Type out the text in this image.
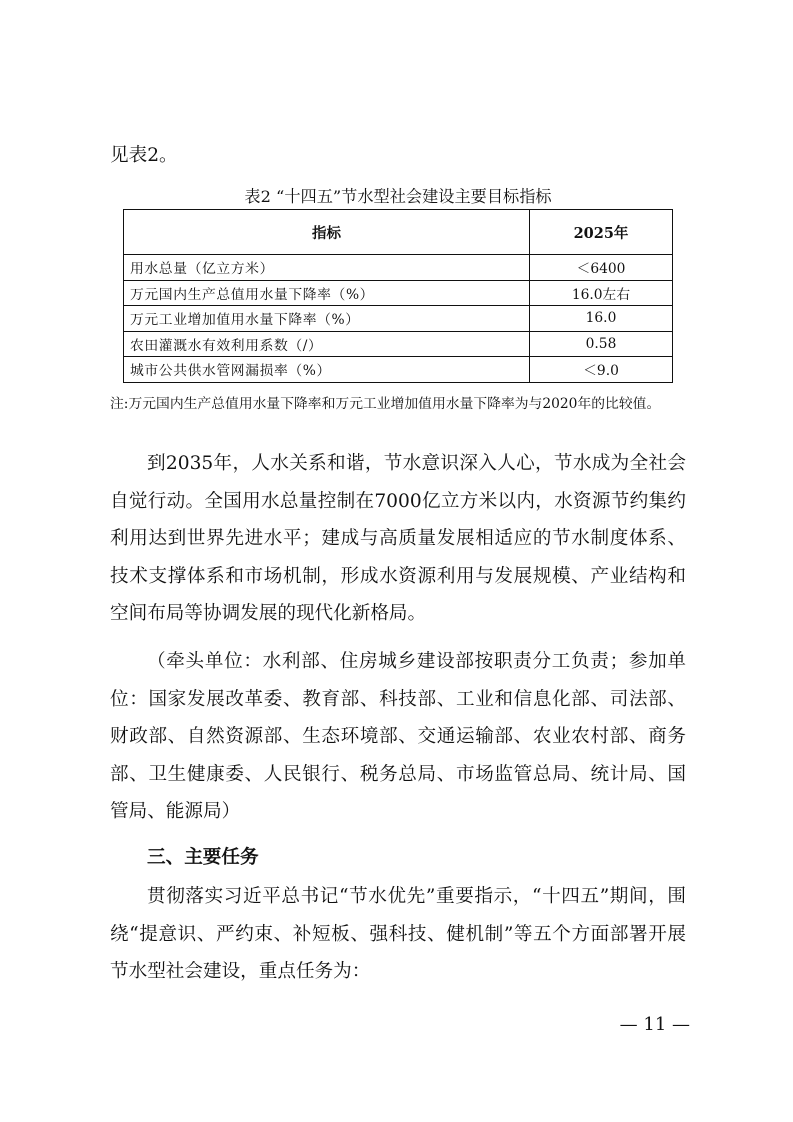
见表2。

表2 “十四五”节水型社会建设主要目标指标
指标	2025年
用水总量（亿立方米）	＜6400
万元国内生产总值用水量下降率（%）	16.0左右
万元工业增加值用水量下降率（%）	16.0
农田灌溉水有效利用系数（/）	0.58
城市公共供水管网漏损率（%）	＜9.0

注:万元国内生产总值用水量下降率和万元工业增加值用水量下降率为与2020年的比较值。

到2035年，人水关系和谐，节水意识深入人心，节水成为全社会自觉行动。全国用水总量控制在7000亿立方米以内，水资源节约集约利用达到世界先进水平；建成与高质量发展相适应的节水制度体系、技术支撑体系和市场机制，形成水资源利用与发展规模、产业结构和空间布局等协调发展的现代化新格局。

（牵头单位：水利部、住房城乡建设部按职责分工负责；参加单位：国家发展改革委、教育部、科技部、工业和信息化部、司法部、财政部、自然资源部、生态环境部、交通运输部、农业农村部、商务部、卫生健康委、人民银行、税务总局、市场监管总局、统计局、国管局、能源局）

三、主要任务

贯彻落实习近平总书记“节水优先”重要指示，“十四五”期间，围绕“提意识、严约束、补短板、强科技、健机制”等五个方面部署开展节水型社会建设，重点任务为：

— 11 —
